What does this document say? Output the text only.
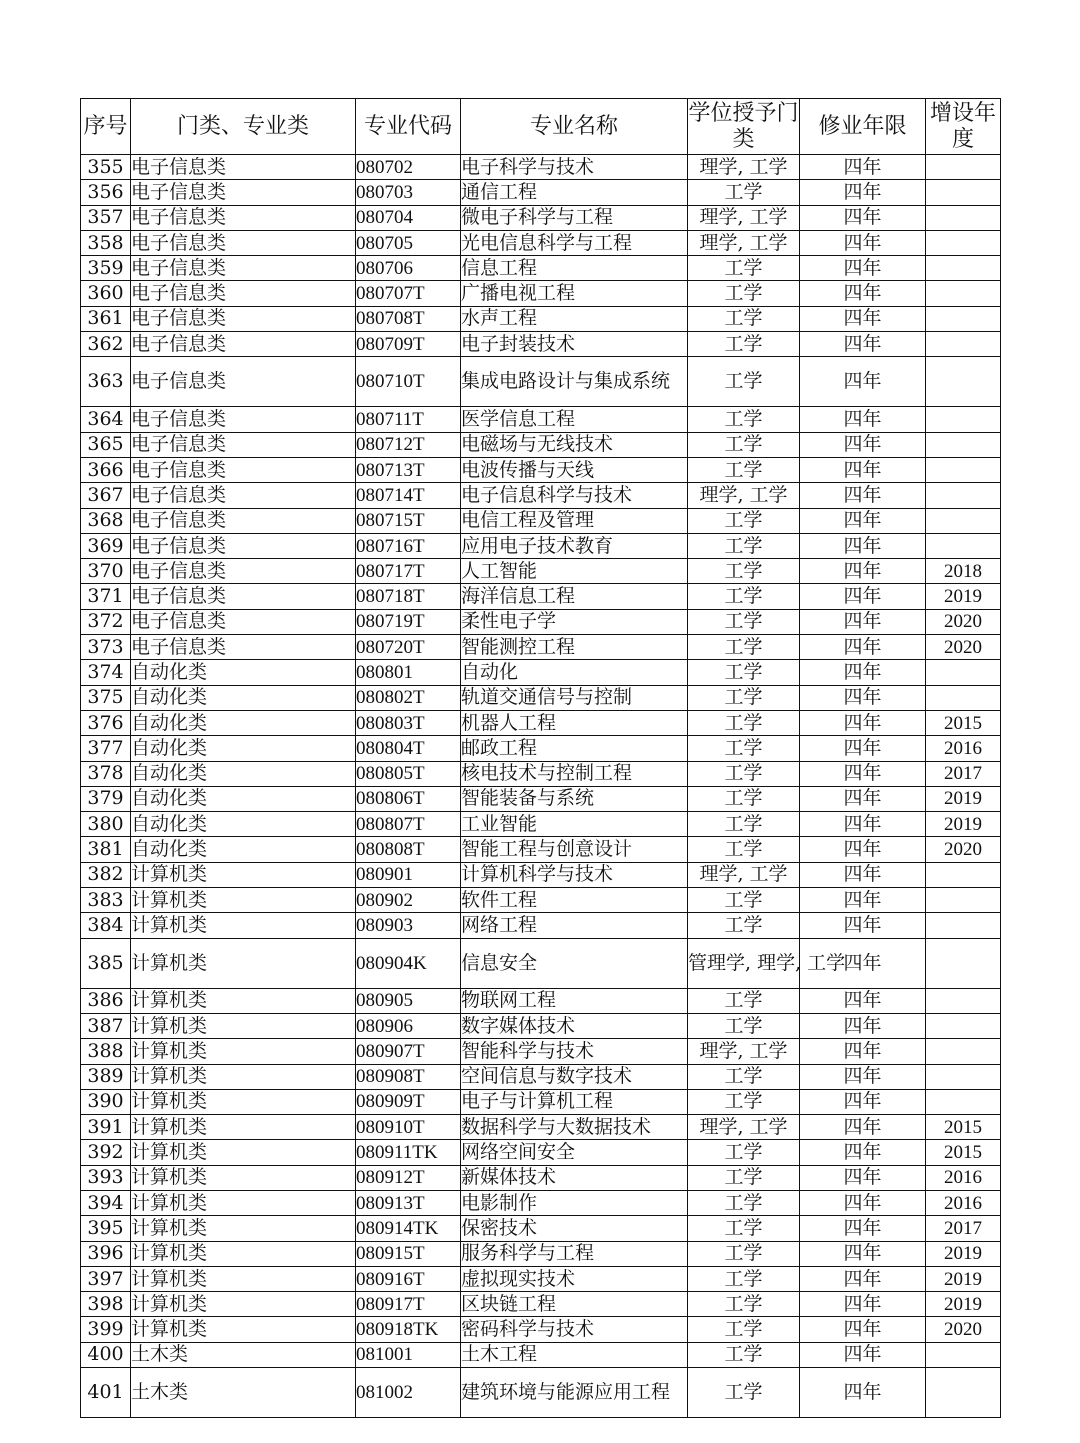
序号	门类、专业类	专业代码	专业名称	学位授予门类	修业年限	增设年度
355	电子信息类	080702	电子科学与技术	理学, 工学	四年	
356	电子信息类	080703	通信工程	工学	四年	
357	电子信息类	080704	微电子科学与工程	理学, 工学	四年	
358	电子信息类	080705	光电信息科学与工程	理学, 工学	四年	
359	电子信息类	080706	信息工程	工学	四年	
360	电子信息类	080707T	广播电视工程	工学	四年	
361	电子信息类	080708T	水声工程	工学	四年	
362	电子信息类	080709T	电子封装技术	工学	四年	
363	电子信息类	080710T	集成电路设计与集成系统	工学	四年	
364	电子信息类	080711T	医学信息工程	工学	四年	
365	电子信息类	080712T	电磁场与无线技术	工学	四年	
366	电子信息类	080713T	电波传播与天线	工学	四年	
367	电子信息类	080714T	电子信息科学与技术	理学, 工学	四年	
368	电子信息类	080715T	电信工程及管理	工学	四年	
369	电子信息类	080716T	应用电子技术教育	工学	四年	
370	电子信息类	080717T	人工智能	工学	四年	2018
371	电子信息类	080718T	海洋信息工程	工学	四年	2019
372	电子信息类	080719T	柔性电子学	工学	四年	2020
373	电子信息类	080720T	智能测控工程	工学	四年	2020
374	自动化类	080801	自动化	工学	四年	
375	自动化类	080802T	轨道交通信号与控制	工学	四年	
376	自动化类	080803T	机器人工程	工学	四年	2015
377	自动化类	080804T	邮政工程	工学	四年	2016
378	自动化类	080805T	核电技术与控制工程	工学	四年	2017
379	自动化类	080806T	智能装备与系统	工学	四年	2019
380	自动化类	080807T	工业智能	工学	四年	2019
381	自动化类	080808T	智能工程与创意设计	工学	四年	2020
382	计算机类	080901	计算机科学与技术	理学, 工学	四年	
383	计算机类	080902	软件工程	工学	四年	
384	计算机类	080903	网络工程	工学	四年	
385	计算机类	080904K	信息安全	管理学, 理学, 工学	四年	
386	计算机类	080905	物联网工程	工学	四年	
387	计算机类	080906	数字媒体技术	工学	四年	
388	计算机类	080907T	智能科学与技术	理学, 工学	四年	
389	计算机类	080908T	空间信息与数字技术	工学	四年	
390	计算机类	080909T	电子与计算机工程	工学	四年	
391	计算机类	080910T	数据科学与大数据技术	理学, 工学	四年	2015
392	计算机类	080911TK	网络空间安全	工学	四年	2015
393	计算机类	080912T	新媒体技术	工学	四年	2016
394	计算机类	080913T	电影制作	工学	四年	2016
395	计算机类	080914TK	保密技术	工学	四年	2017
396	计算机类	080915T	服务科学与工程	工学	四年	2019
397	计算机类	080916T	虚拟现实技术	工学	四年	2019
398	计算机类	080917T	区块链工程	工学	四年	2019
399	计算机类	080918TK	密码科学与技术	工学	四年	2020
400	土木类	081001	土木工程	工学	四年	
401	土木类	081002	建筑环境与能源应用工程	工学	四年	
